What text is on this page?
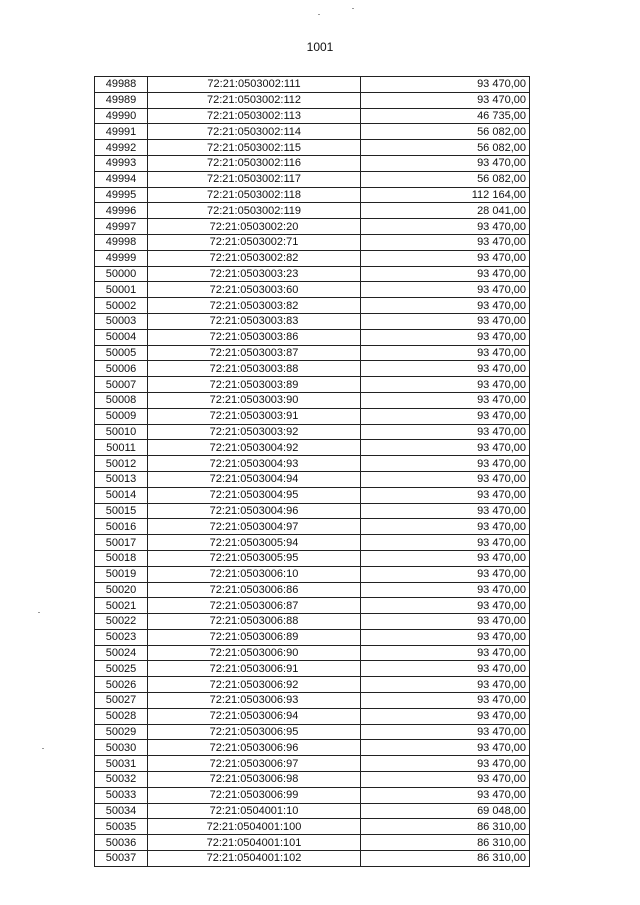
1001
49988	72:21:0503002:111	93 470,00
49989	72:21:0503002:112	93 470,00
49990	72:21:0503002:113	46 735,00
49991	72:21:0503002:114	56 082,00
49992	72:21:0503002:115	56 082,00
49993	72:21:0503002:116	93 470,00
49994	72:21:0503002:117	56 082,00
49995	72:21:0503002:118	112 164,00
49996	72:21:0503002:119	28 041,00
49997	72:21:0503002:20	93 470,00
49998	72:21:0503002:71	93 470,00
49999	72:21:0503002:82	93 470,00
50000	72:21:0503003:23	93 470,00
50001	72:21:0503003:60	93 470,00
50002	72:21:0503003:82	93 470,00
50003	72:21:0503003:83	93 470,00
50004	72:21:0503003:86	93 470,00
50005	72:21:0503003:87	93 470,00
50006	72:21:0503003:88	93 470,00
50007	72:21:0503003:89	93 470,00
50008	72:21:0503003:90	93 470,00
50009	72:21:0503003:91	93 470,00
50010	72:21:0503003:92	93 470,00
50011	72:21:0503004:92	93 470,00
50012	72:21:0503004:93	93 470,00
50013	72:21:0503004:94	93 470,00
50014	72:21:0503004:95	93 470,00
50015	72:21:0503004:96	93 470,00
50016	72:21:0503004:97	93 470,00
50017	72:21:0503005:94	93 470,00
50018	72:21:0503005:95	93 470,00
50019	72:21:0503006:10	93 470,00
50020	72:21:0503006:86	93 470,00
50021	72:21:0503006:87	93 470,00
50022	72:21:0503006:88	93 470,00
50023	72:21:0503006:89	93 470,00
50024	72:21:0503006:90	93 470,00
50025	72:21:0503006:91	93 470,00
50026	72:21:0503006:92	93 470,00
50027	72:21:0503006:93	93 470,00
50028	72:21:0503006:94	93 470,00
50029	72:21:0503006:95	93 470,00
50030	72:21:0503006:96	93 470,00
50031	72:21:0503006:97	93 470,00
50032	72:21:0503006:98	93 470,00
50033	72:21:0503006:99	93 470,00
50034	72:21:0504001:10	69 048,00
50035	72:21:0504001:100	86 310,00
50036	72:21:0504001:101	86 310,00
50037	72:21:0504001:102	86 310,00
